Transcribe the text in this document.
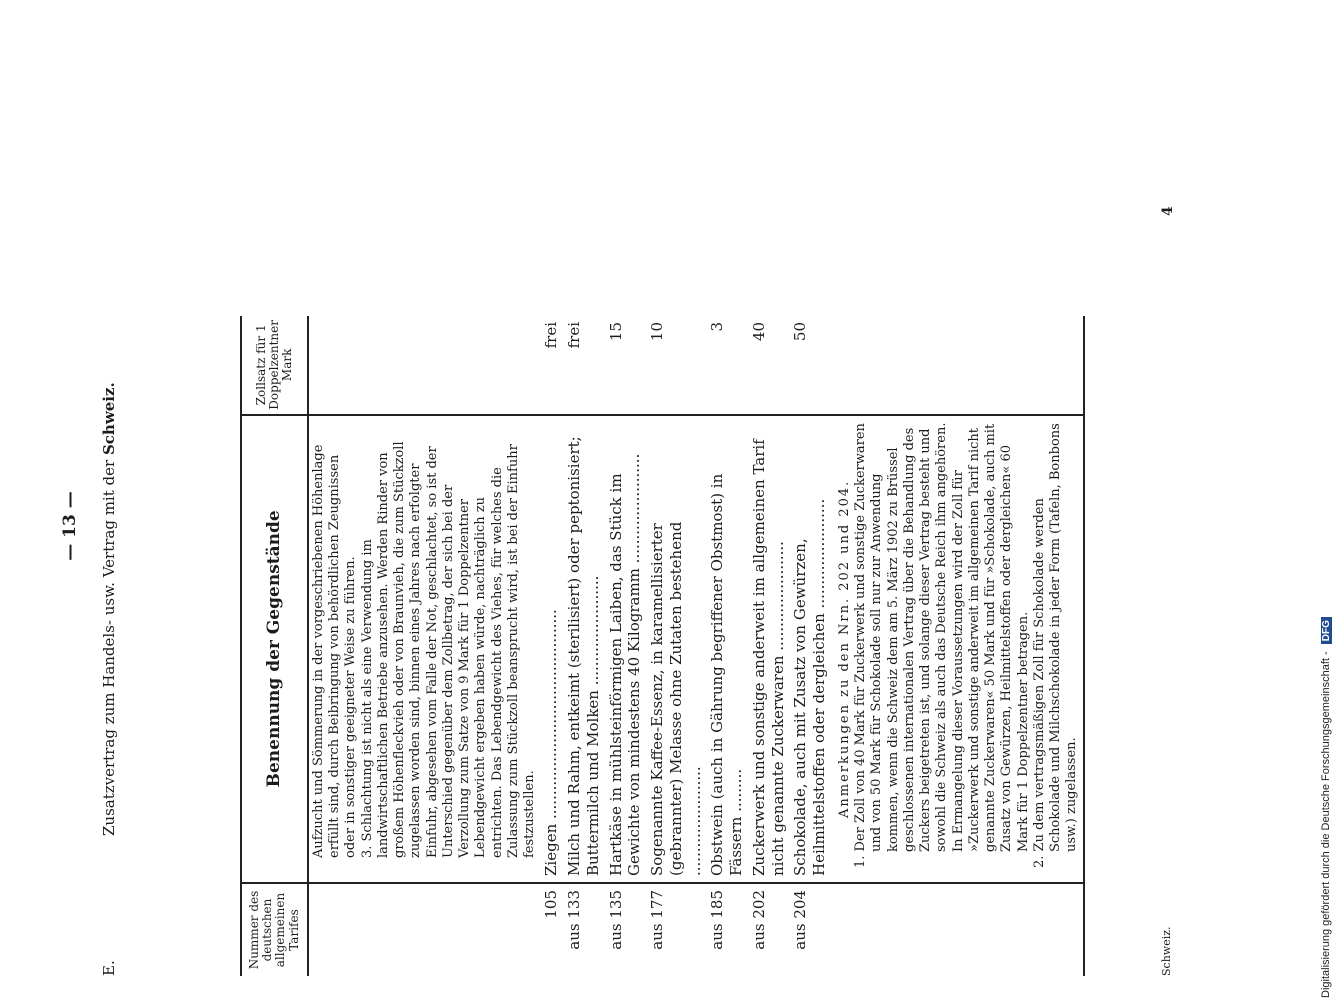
E.
Zusatzvertrag zum Handels- usw. Vertrag mit der Schweiz.
— 13 —
Nummer des deutschen allgemeinen Tarifes	Benennung der Gegenstände	Zollsatz für 1 Doppelzentner Mark

	Aufzucht und Sömmerung in der vorgeschriebenen Höhenlage erfüllt sind, durch Beibringung von behördlichen Zeugnissen oder in sonstiger geeigneter Weise zu führen. 3. Schlachtung ist nicht als eine Verwendung im landwirtschaftlichen Betriebe anzusehen. Werden Rinder von großem Höhenfleckvieh oder von Braunvieh, die zum Stückzoll zugelassen worden sind, binnen eines Jahres nach erfolgter Einfuhr, abgesehen vom Falle der Not, geschlachtet, so ist der Unterschied gegenüber dem Zollbetrag, der sich bei der Verzollung zum Satze von 9 Mark für 1 Doppelzentner Lebendgewicht ergeben haben würde, nachträglich zu entrichten. Das Lebendgewicht des Viehes, für welches die Zulassung zum Stückzoll beansprucht wird, ist bei der Einfuhr festzustellen.	

105	Ziegen ............................................	frei
aus 133	Milch und Rahm, entkeimt (sterilisiert) oder peptonisiert; Buttermilch und Molken .......................	frei
aus 135	Hartkäse in mühlsteinförmigen Laiben, das Stück im Gewichte von mindestens 40 Kilogramm .......................	15
aus 177	Sogenannte Kaffee-Essenz, in karamellisierter (gebrannter) Melasse ohne Zutaten bestehend .......................	10
aus 185	Obstwein (auch in Gährung begriffener Obstmost) in Fässern .........	3
aus 202	Zuckerwerk und sonstige anderweit im allgemeinen Tarif nicht genannte Zuckerwaren .......................	40
aus 204	Schokolade, auch mit Zusatz von Gewürzen, Heilmittelstoffen oder dergleichen .......................	50

	Anmerkungen zu den Nrn. 202 und 204. 1. Der Zoll von 40 Mark für Zuckerwerk und sonstige Zuckerwaren und von 50 Mark für Schokolade soll nur zur Anwendung kommen, wenn die Schweiz dem am 5. März 1902 zu Brüssel geschlossenen internationalen Vertrag über die Behandlung des Zuckers beigetreten ist, und solange dieser Vertrag besteht und sowohl die Schweiz als auch das Deutsche Reich ihm angehören. In Ermangelung dieser Voraussetzungen wird der Zoll für »Zuckerwerk und sonstige anderweit im allgemeinen Tarif nicht genannte Zuckerwaren« 50 Mark und für »Schokolade, auch mit Zusatz von Gewürzen, Heilmittelstoffen oder dergleichen« 60 Mark für 1 Doppelzentner betragen. 2. Zu dem vertragsmäßigen Zoll für Schokolade werden Schokolade und Milchschokolade in jeder Form (Tafeln, Bonbons usw.) zugelassen.	

Schweiz.
4
Digitalisierung gefördert durch die Deutsche Forschungsgemeinschaft - DFG
